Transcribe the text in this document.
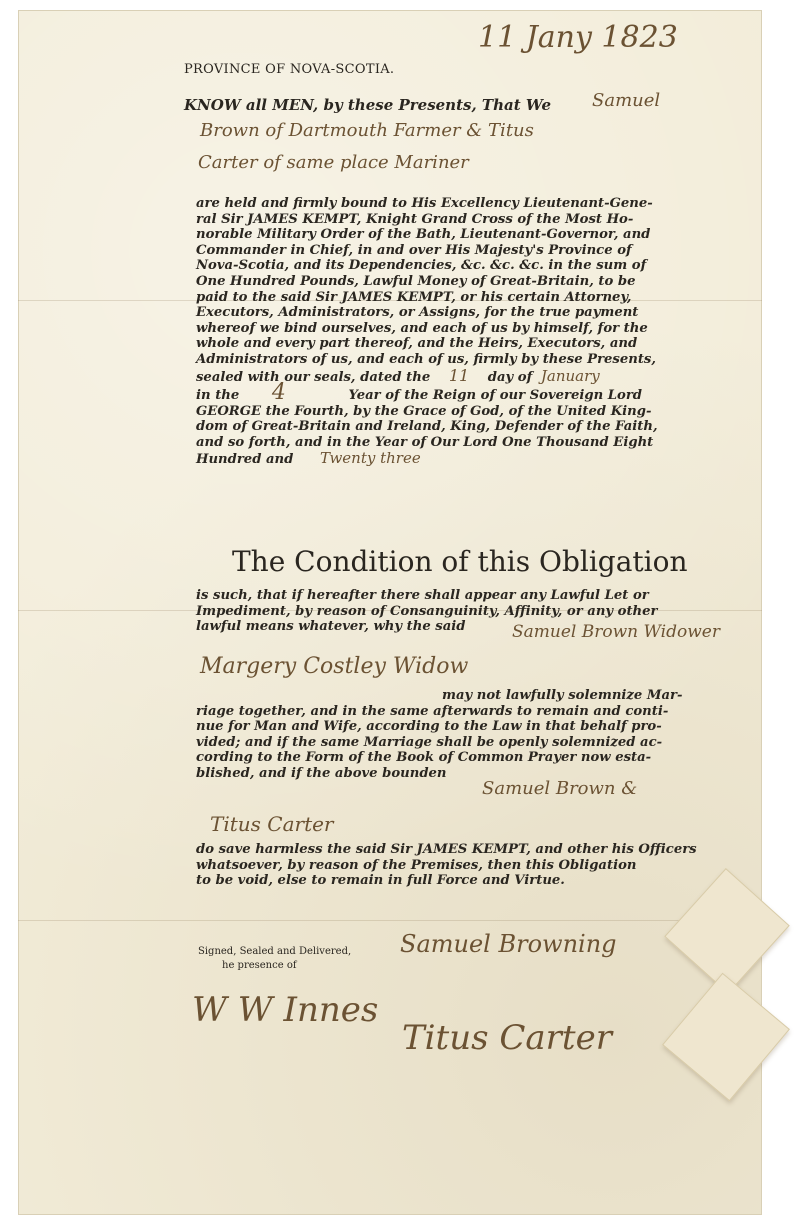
11 Jany 1823
PROVINCE OF NOVA-SCOTIA.
KNOW all MEN, by these Presents, That We Samuel
Brown of Dartmouth Farmer & Titus
Carter of same place Mariner
are held and firmly bound to His Excellency Lieutenant-Gene-
ral Sir JAMES KEMPT, Knight Grand Cross of the Most Ho-
norable Military Order of the Bath, Lieutenant-Governor, and
Commander in Chief, in and over His Majesty's Province of
Nova-Scotia, and its Dependencies, &c. &c. &c. in the sum of
One Hundred Pounds, Lawful Money of Great-Britain, to be
paid to the said Sir JAMES KEMPT, or his certain Attorney,
Executors, Administrators, or Assigns, for the true payment
whereof we bind ourselves, and each of us by himself, for the
whole and every part thereof, and the Heirs, Executors, and
Administrators of us, and each of us, firmly by these Presents,
sealed with our seals, dated the 11 day of January
in the 4	Year of the Reign of our Sovereign Lord
GEORGE the Fourth, by the Grace of God, of the United King-
dom of Great-Britain and Ireland, King, Defender of the Faith,
and so forth, and in the Year of Our Lord One Thousand Eight
Hundred and Twenty three
The Condition of this Obligation
is such, that if hereafter there shall appear any Lawful Let or
Impediment, by reason of Consanguinity, Affinity, or any other
lawful means whatever, why the said	Samuel Brown Widower
Margery Costley Widow
may not lawfully solemnize Mar-
riage together, and in the same afterwards to remain and conti-
nue for Man and Wife, according to the Law in that behalf pro-
vided; and if the same Marriage shall be openly solemnized ac-
cording to the Form of the Book of Common Prayer now esta-
blished, and if the above bounden
Samuel Brown &
Titus Carter
do save harmless the said Sir JAMES KEMPT, and other his Officers
whatsoever, by reason of the Premises, then this Obligation
to be void, else to remain in full Force and Virtue.
Signed, Sealed and Delivered,
he presence of
Samuel Browning
W W Innes
Titus Carter
